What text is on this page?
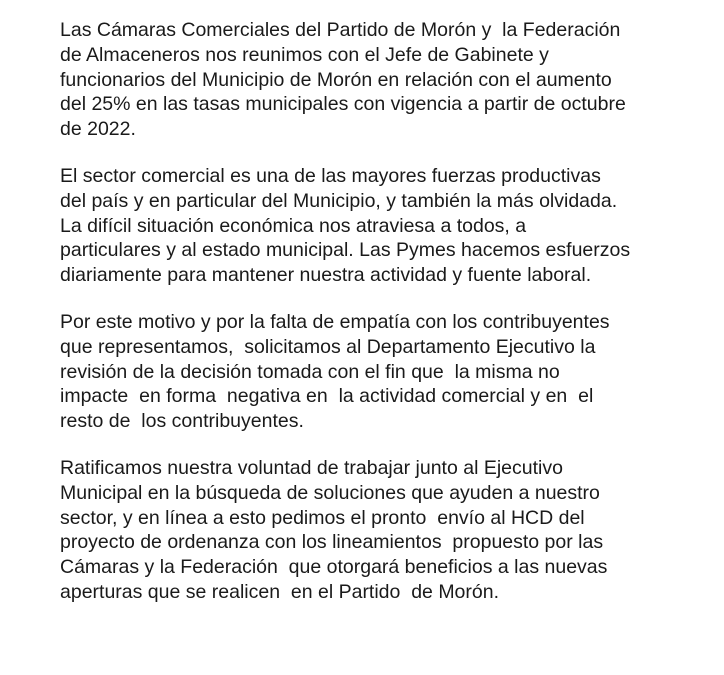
Las Cámaras Comerciales del Partido de Morón y  la Federación
de Almaceneros nos reunimos con el Jefe de Gabinete y
funcionarios del Municipio de Morón en relación con el aumento
del 25% en las tasas municipales con vigencia a partir de octubre
de 2022.

El sector comercial es una de las mayores fuerzas productivas
del país y en particular del Municipio, y también la más olvidada.
La difícil situación económica nos atraviesa a todos, a
particulares y al estado municipal. Las Pymes hacemos esfuerzos
diariamente para mantener nuestra actividad y fuente laboral.

Por este motivo y por la falta de empatía con los contribuyentes
que representamos,  solicitamos al Departamento Ejecutivo la
revisión de la decisión tomada con el fin que  la misma no
impacte  en forma  negativa en  la actividad comercial y en  el
resto de  los contribuyentes.

Ratificamos nuestra voluntad de trabajar junto al Ejecutivo
Municipal en la búsqueda de soluciones que ayuden a nuestro
sector, y en línea a esto pedimos el pronto  envío al HCD del
proyecto de ordenanza con los lineamientos  propuesto por las
Cámaras y la Federación  que otorgará beneficios a las nuevas
aperturas que se realicen  en el Partido  de Morón.
